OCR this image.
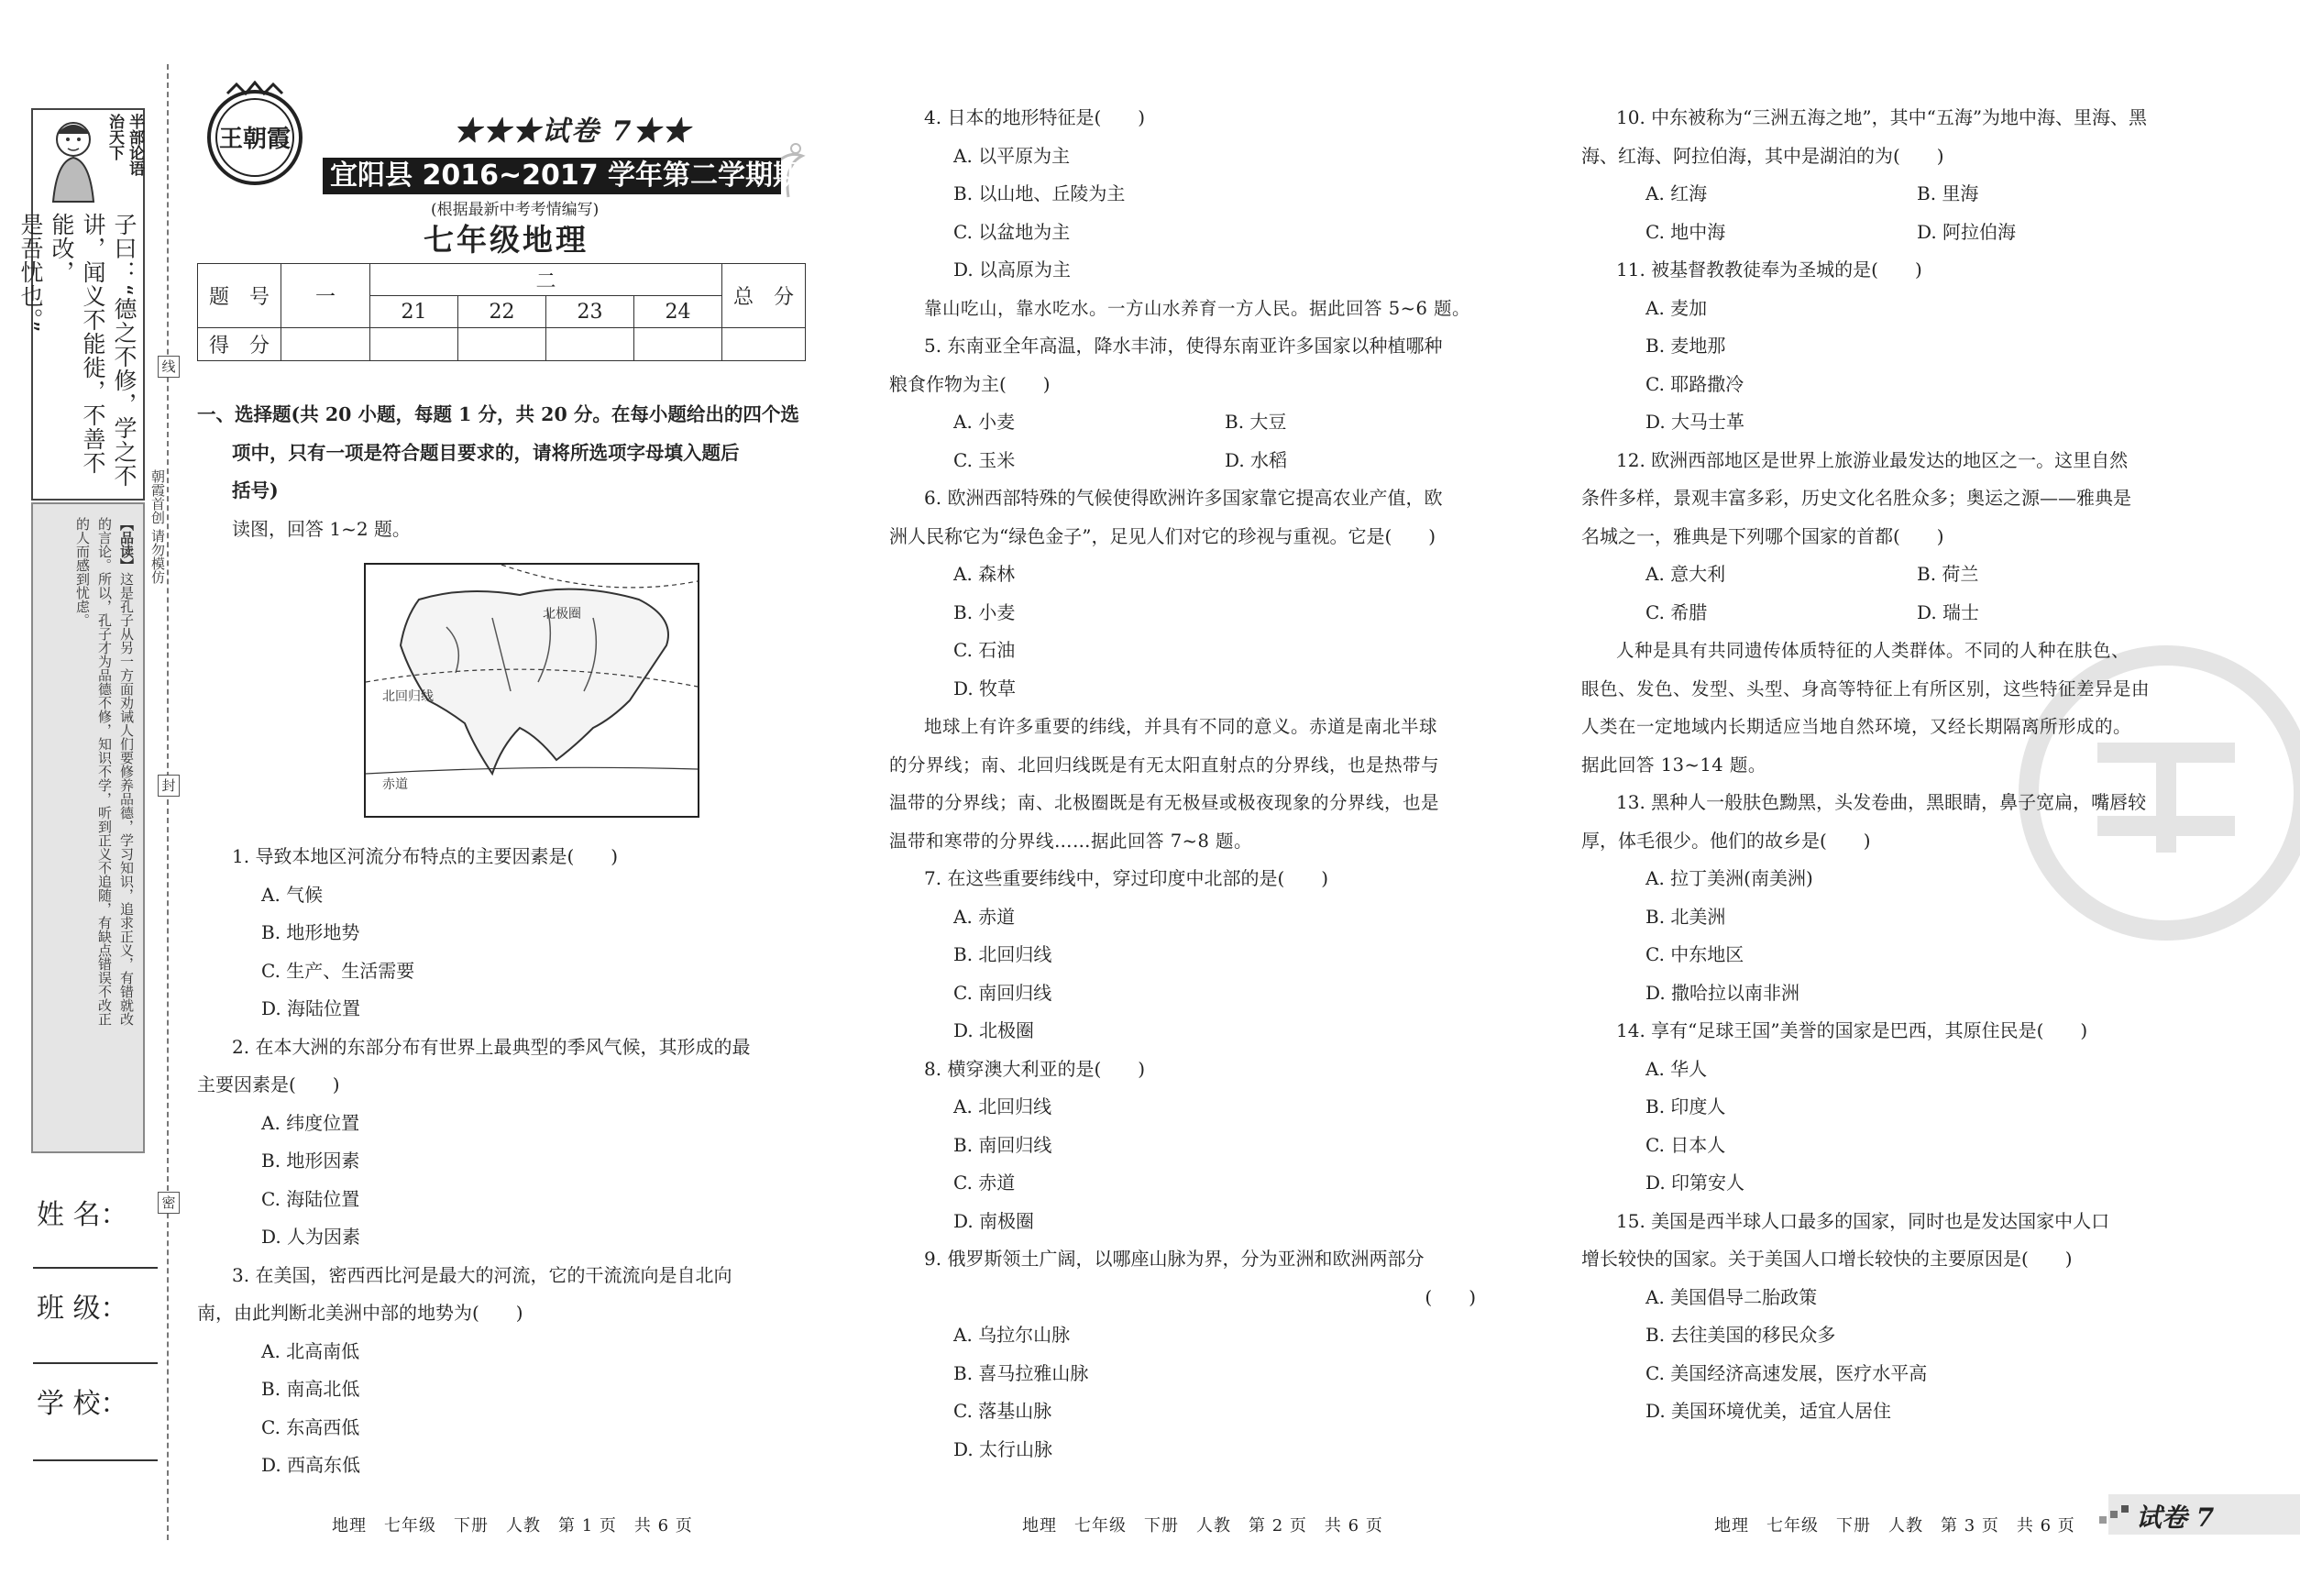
线
封
密
朝霞首创 请勿模仿
半部论语
治天下
子曰：“德之不修，学之不
讲，闻义不能徙，不善不能改，
是吾忧也。”
【品读】这是孔子从另一方面劝诫人们要修养品德，学习知识，追求正义，有错就改
的言论。所以，孔子才为品德不修，知识不学，听到正义不追随，有缺点错误不改正
的人而感到忧虑。
姓 名：
班 级：
学 校：
王朝霞	★★★试卷 7★★
宜阳县 2016~2017 学年第二学期期末质量检测试卷
(根据最新中考考情编写)
七年级地理
题　号	一	二				总　分
		21	22	23	24	
得　分						

一、选择题(共 20 小题，每题 1 分，共 20 分。在每小题给出的四个选

项中，只有一项是符合题目要求的，请将所选项字母填入题后

括号)

读图，回答 1~2 题。

北回归线
北极圈
赤道

1. 导致本地区河流分布特点的主要因素是(　　)

A. 气候

B. 地形地势

C. 生产、生活需要

D. 海陆位置

2. 在本大洲的东部分布有世界上最典型的季风气候，其形成的最

主要因素是(　　)

A. 纬度位置

B. 地形因素

C. 海陆位置

D. 人为因素

3. 在美国，密西西比河是最大的河流，它的干流流向是自北向

南，由此判断北美洲中部的地势为(　　)

A. 北高南低

B. 南高北低

C. 东高西低

D. 西高东低

地理　七年级　下册　人教　第 1 页　共 6 页

4. 日本的地形特征是(　　)

A. 以平原为主

B. 以山地、丘陵为主

C. 以盆地为主

D. 以高原为主

靠山吃山，靠水吃水。一方山水养育一方人民。据此回答 5~6 题。

5. 东南亚全年高温，降水丰沛，使得东南亚许多国家以种植哪种

粮食作物为主(　　)

A. 小麦	B. 大豆

C. 玉米	D. 水稻

6. 欧洲西部特殊的气候使得欧洲许多国家靠它提高农业产值，欧

洲人民称它为“绿色金子”，足见人们对它的珍视与重视。它是(　　)

A. 森林

B. 小麦

C. 石油

D. 牧草

地球上有许多重要的纬线，并具有不同的意义。赤道是南北半球

的分界线；南、北回归线既是有无太阳直射点的分界线，也是热带与

温带的分界线；南、北极圈既是有无极昼或极夜现象的分界线，也是

温带和寒带的分界线……据此回答 7~8 题。

7. 在这些重要纬线中，穿过印度中北部的是(　　)

A. 赤道

B. 北回归线

C. 南回归线

D. 北极圈

8. 横穿澳大利亚的是(　　)

A. 北回归线

B. 南回归线

C. 赤道

D. 南极圈

9. 俄罗斯领土广阔，以哪座山脉为界，分为亚洲和欧洲两部分

(　　)

A. 乌拉尔山脉

B. 喜马拉雅山脉

C. 落基山脉

D. 太行山脉

地理　七年级　下册　人教　第 2 页　共 6 页

10. 中东被称为“三洲五海之地”，其中“五海”为地中海、里海、黑

海、红海、阿拉伯海，其中是湖泊的为(　　)

A. 红海	B. 里海

C. 地中海	D. 阿拉伯海

11. 被基督教教徒奉为圣城的是(　　)

A. 麦加

B. 麦地那

C. 耶路撒冷

D. 大马士革

12. 欧洲西部地区是世界上旅游业最发达的地区之一。这里自然

条件多样，景观丰富多彩，历史文化名胜众多；奥运之源——雅典是

名城之一，雅典是下列哪个国家的首都(　　)

A. 意大利	B. 荷兰

C. 希腊	D. 瑞士

人种是具有共同遗传体质特征的人类群体。不同的人种在肤色、

眼色、发色、发型、头型、身高等特征上有所区别，这些特征差异是由

人类在一定地域内长期适应当地自然环境，又经长期隔离所形成的。

据此回答 13~14 题。

13. 黑种人一般肤色黝黑，头发卷曲，黑眼睛，鼻子宽扁，嘴唇较

厚，体毛很少。他们的故乡是(　　)

A. 拉丁美洲(南美洲)

B. 北美洲

C. 中东地区

D. 撒哈拉以南非洲

14. 享有“足球王国”美誉的国家是巴西，其原住民是(　　)

A. 华人

B. 印度人

C. 日本人

D. 印第安人

15. 美国是西半球人口最多的国家，同时也是发达国家中人口

增长较快的国家。关于美国人口增长较快的主要原因是(　　)

A. 美国倡导二胎政策

B. 去往美国的移民众多

C. 美国经济高速发展，医疗水平高

D. 美国环境优美，适宜人居住

地理　七年级　下册　人教　第 3 页　共 6 页 试卷 7
